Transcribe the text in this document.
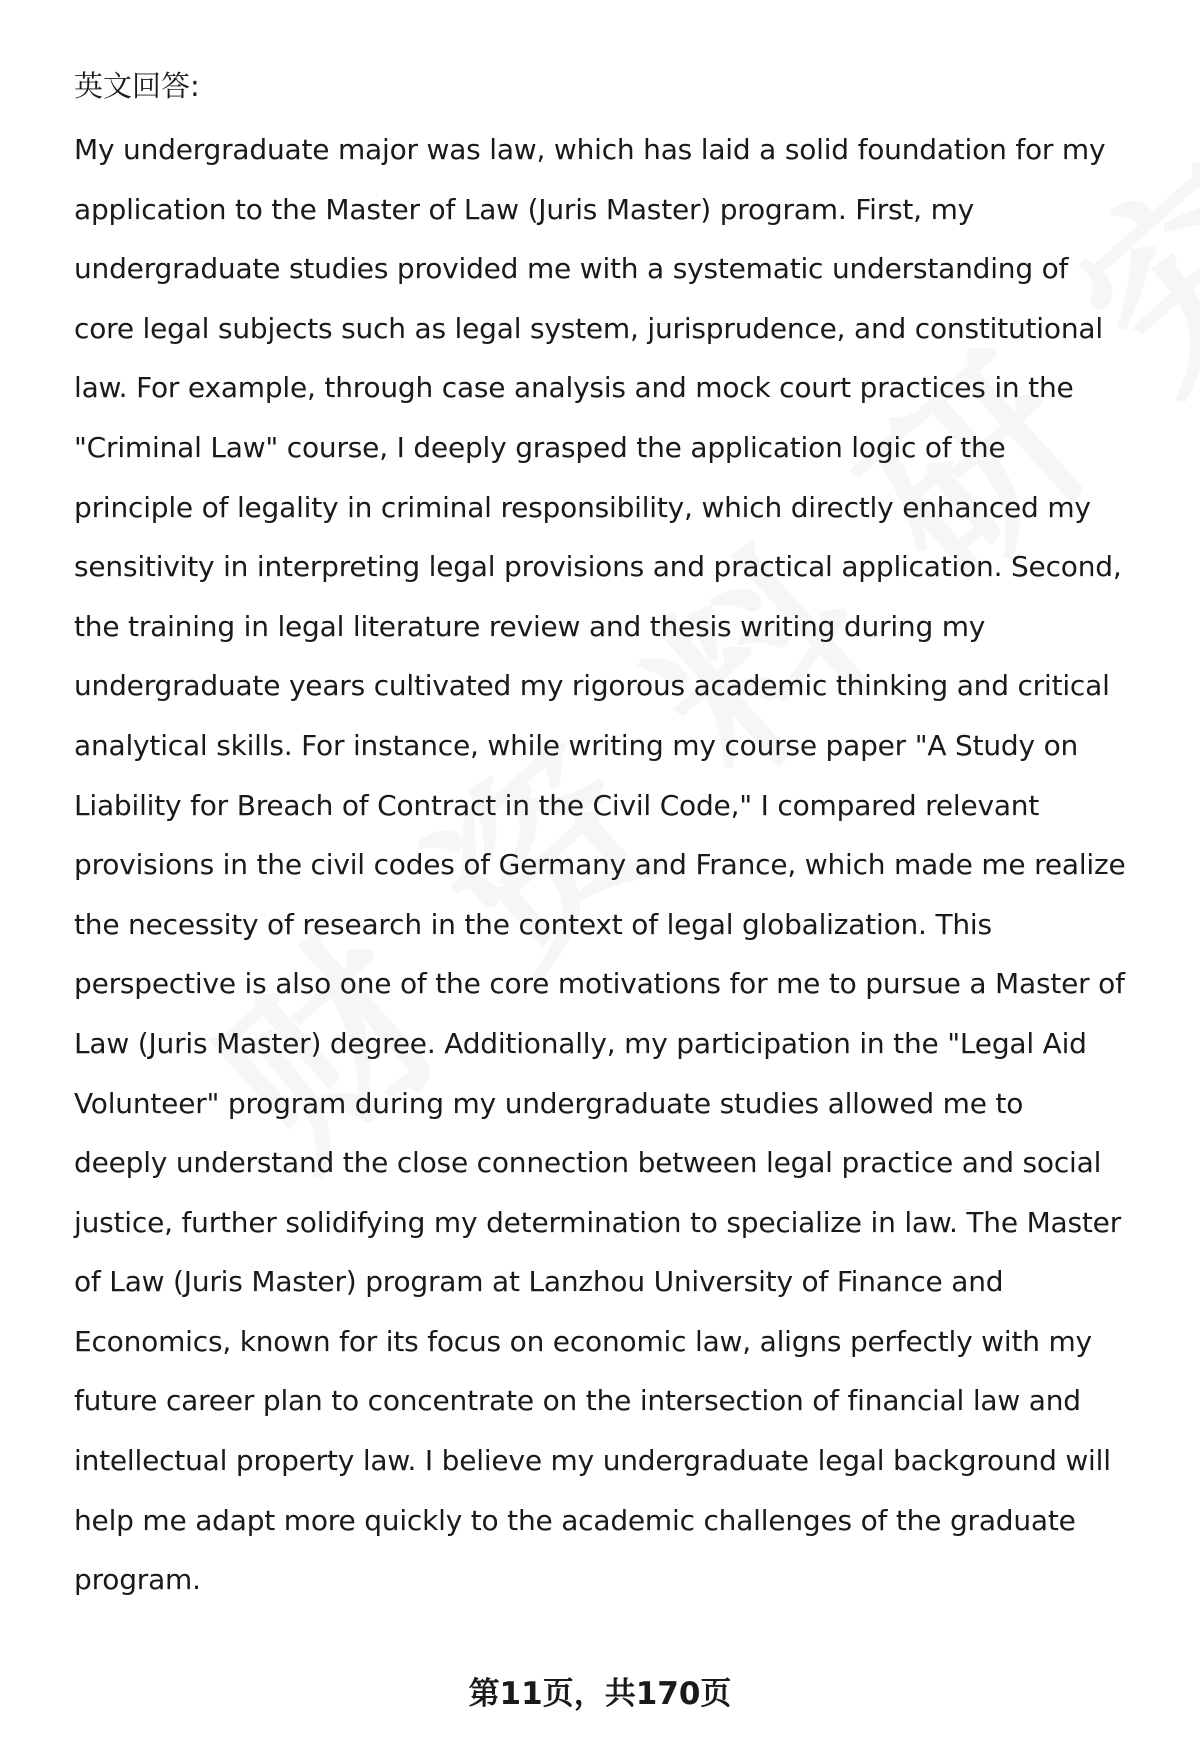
英文回答:
My undergraduate major was law, which has laid a solid foundation for my
application to the Master of Law (Juris Master) program. First, my
undergraduate studies provided me with a systematic understanding of
core legal subjects such as legal system, jurisprudence, and constitutional
law. For example, through case analysis and mock court practices in the
"Criminal Law" course, I deeply grasped the application logic of the
principle of legality in criminal responsibility, which directly enhanced my
sensitivity in interpreting legal provisions and practical application. Second,
the training in legal literature review and thesis writing during my
undergraduate years cultivated my rigorous academic thinking and critical
analytical skills. For instance, while writing my course paper "A Study on
Liability for Breach of Contract in the Civil Code," I compared relevant
provisions in the civil codes of Germany and France, which made me realize
the necessity of research in the context of legal globalization. This
perspective is also one of the core motivations for me to pursue a Master of
Law (Juris Master) degree. Additionally, my participation in the "Legal Aid
Volunteer" program during my undergraduate studies allowed me to
deeply understand the close connection between legal practice and social
justice, further solidifying my determination to specialize in law. The Master
of Law (Juris Master) program at Lanzhou University of Finance and
Economics, known for its focus on economic law, aligns perfectly with my
future career plan to concentrate on the intersection of financial law and
intellectual property law. I believe my undergraduate legal background will
help me adapt more quickly to the academic challenges of the graduate
program.
第11页，共170页
